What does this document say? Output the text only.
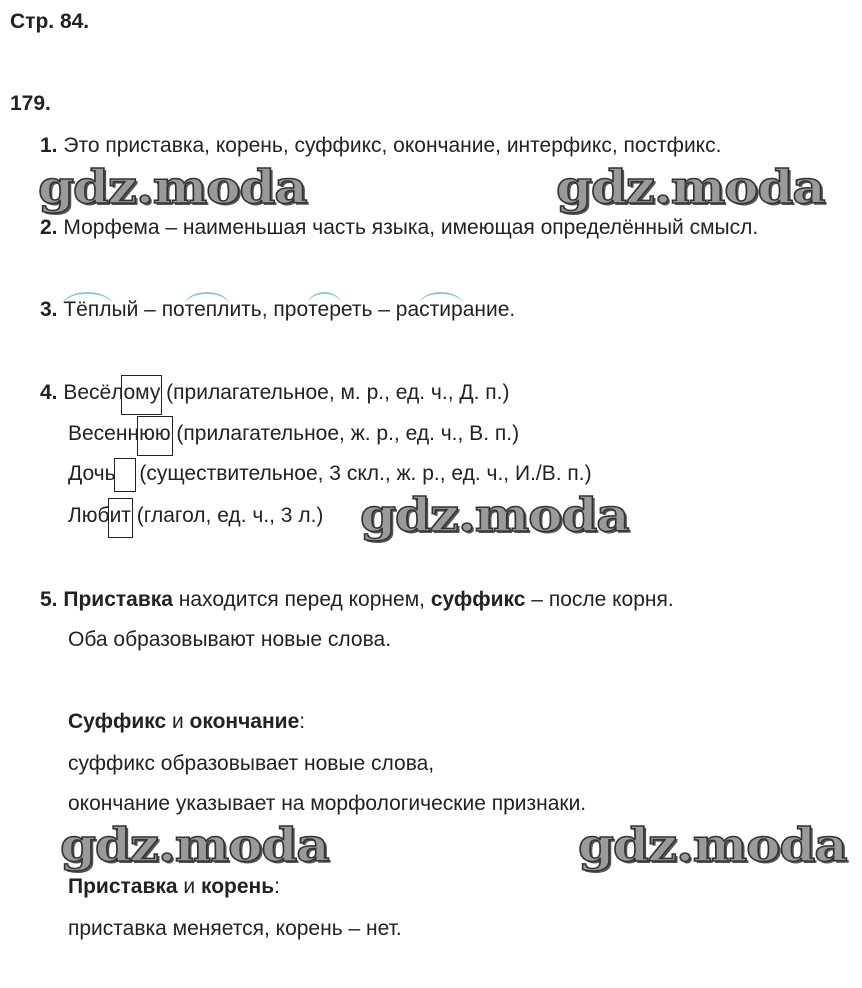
Стр. 84.
179.
1. Это приставка, корень, суффикс, окончание, интерфикс, постфикс.
2. Морфема – наименьшая часть языка, имеющая определённый смысл.
3. Тёплый – потеплить, протереть – растирание.
4. Весёлому (прилагательное, м. р., ед. ч., Д. п.)
Весеннюю (прилагательное, ж. р., ед. ч., В. п.)
Дочь (существительное, 3 скл., ж. р., ед. ч., И./В. п.)
Любит (глагол, ед. ч., 3 л.)
5. Приставка находится перед корнем, суффикс – после корня.
Оба образовывают новые слова.
Суффикс и окончание:
суффикс образовывает новые слова,
окончание указывает на морфологические признаки.
Приставка и корень:
приставка меняется, корень – нет.
gdz.moda	gdz.moda
gdz.moda
gdz.moda	gdz.moda
